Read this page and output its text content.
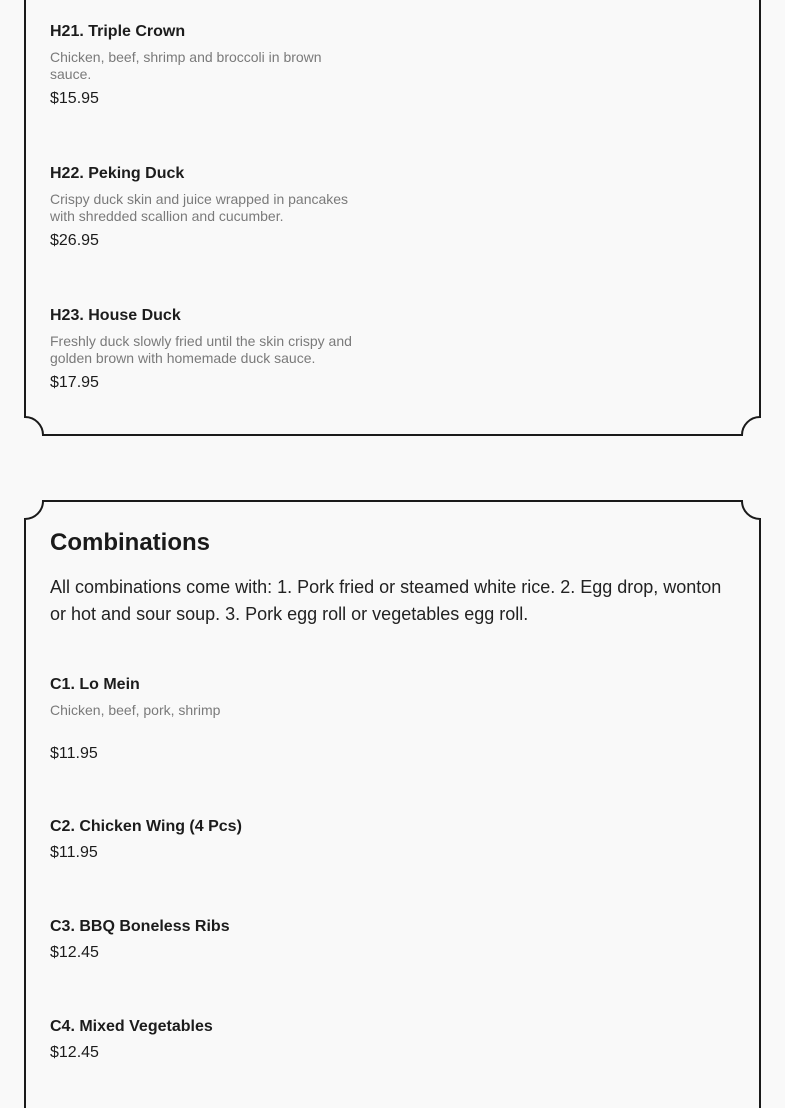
H21. Triple Crown

Chicken, beef, shrimp and broccoli in brown sauce.

$15.95

H22. Peking Duck

Crispy duck skin and juice wrapped in pancakes with shredded scallion and cucumber.

$26.95

H23. House Duck

Freshly duck slowly fried until the skin crispy and golden brown with homemade duck sauce.

$17.95

Combinations

All combinations come with: 1. Pork fried or steamed white rice. 2. Egg drop, wonton or hot and sour soup. 3. Pork egg roll or vegetables egg roll.

C1. Lo Mein

Chicken, beef, pork, shrimp

$11.95

C2. Chicken Wing (4 Pcs)

$11.95

C3. BBQ Boneless Ribs

$12.45

C4. Mixed Vegetables

$12.45
